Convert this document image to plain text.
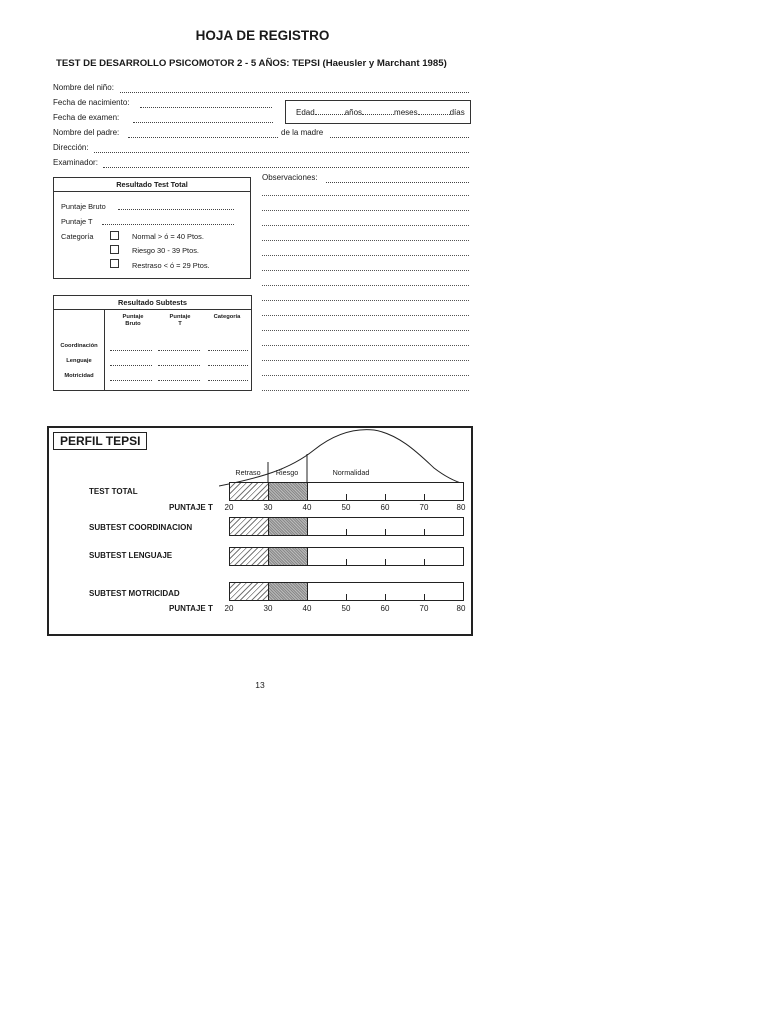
HOJA DE REGISTRO
TEST DE DESARROLLO PSICOMOTOR 2 - 5 AÑOS: TEPSI (Haeusler y Marchant 1985)
Nombre del niño:
Fecha de nacimiento:
Fecha de examen:
Edad	años	meses	días
Nombre del padre:	de la madre
Dirección:
Examinador:
Resultado Test Total
Puntaje Bruto
Puntaje T
Categoría	Normal > ó = 40 Ptos.
Riesgo 30 - 39 Ptos.
Restraso < ó = 29 Ptos.
Resultado Subtests
Puntaje
Bruto
Puntaje
T
Categoría
Coordinación
Lenguaje
Motricidad
Observaciones:
PERFIL TEPSI
Retraso	Riesgo	Normalidad
TEST TOTAL
PUNTAJE T	20	30	40	50	60	70	80
SUBTEST COORDINACION
SUBTEST LENGUAJE
SUBTEST MOTRICIDAD
PUNTAJE T	20	30	40	50	60	70	80
13
